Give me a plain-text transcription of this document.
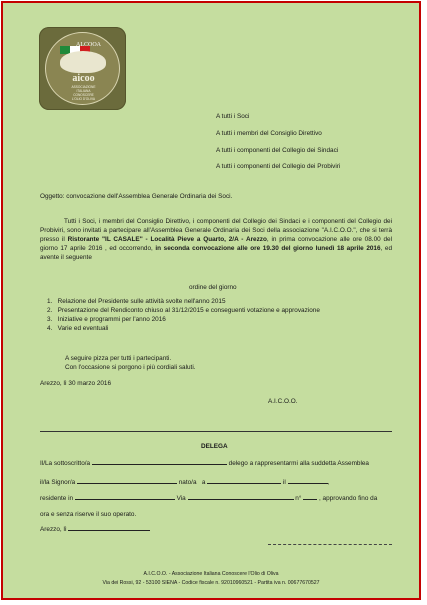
ALCOOA
aicoo
ASSOCIAZIONE
ITALIANA
CONOSCERE
L'OLIO D'OLIVA
A tutti i Soci
A tutti i membri del Consiglio Direttivo
A tutti i componenti del Collegio dei Sindaci
A tutti i componenti del Collegio dei Probiviri
Oggetto: convocazione dell'Assemblea Generale Ordinaria dei Soci.
Tutti i Soci, i membri del Consiglio Direttivo, i componenti del Collegio dei Sindaci e i componenti del Collegio dei Probiviri, sono invitati a partecipare all'Assemblea Generale Ordinaria dei Soci della associazione "A.I.C.O.O.", che si terrà presso il Ristorante "IL CASALE" - Località Pieve a Quarto, 2/A - Arezzo, in prima convocazione alle ore 08.00 del giorno 17 aprile 2016 , ed occorrendo, in seconda convocazione alle ore 19.30 del giorno lunedì 18 aprile 2016, ed avente il seguente
ordine del giorno
1.   Relazione del Presidente sulle attività svolte nell'anno 2015
2.   Presentazione del Rendiconto chiuso al 31/12/2015 e conseguenti votazione e approvazione
3.   Iniziative e programmi per l'anno 2016
4.   Varie ed eventuali
A seguire pizza per tutti i partecipanti.
Con l'occasione si porgono i più cordiali saluti.
Arezzo, lì 30 marzo 2016
A.I.C.O.O.
DELEGA
Il/La sottoscritto/a	delego a rappresentarmi alla suddetta Assemblea
il/la Signor/a	nato/a a	il	,
residente in	Via	n°	, approvando fino da
ora e senza riserve il suo operato.
Arezzo, lì
A.I.C.O.O. - Associazione Italiana Conoscere l'Olio di Oliva
Via dei Rossi, 92 - 53100 SIENA - Codice fiscale n. 92010960521 - Partita iva n. 00677670527
